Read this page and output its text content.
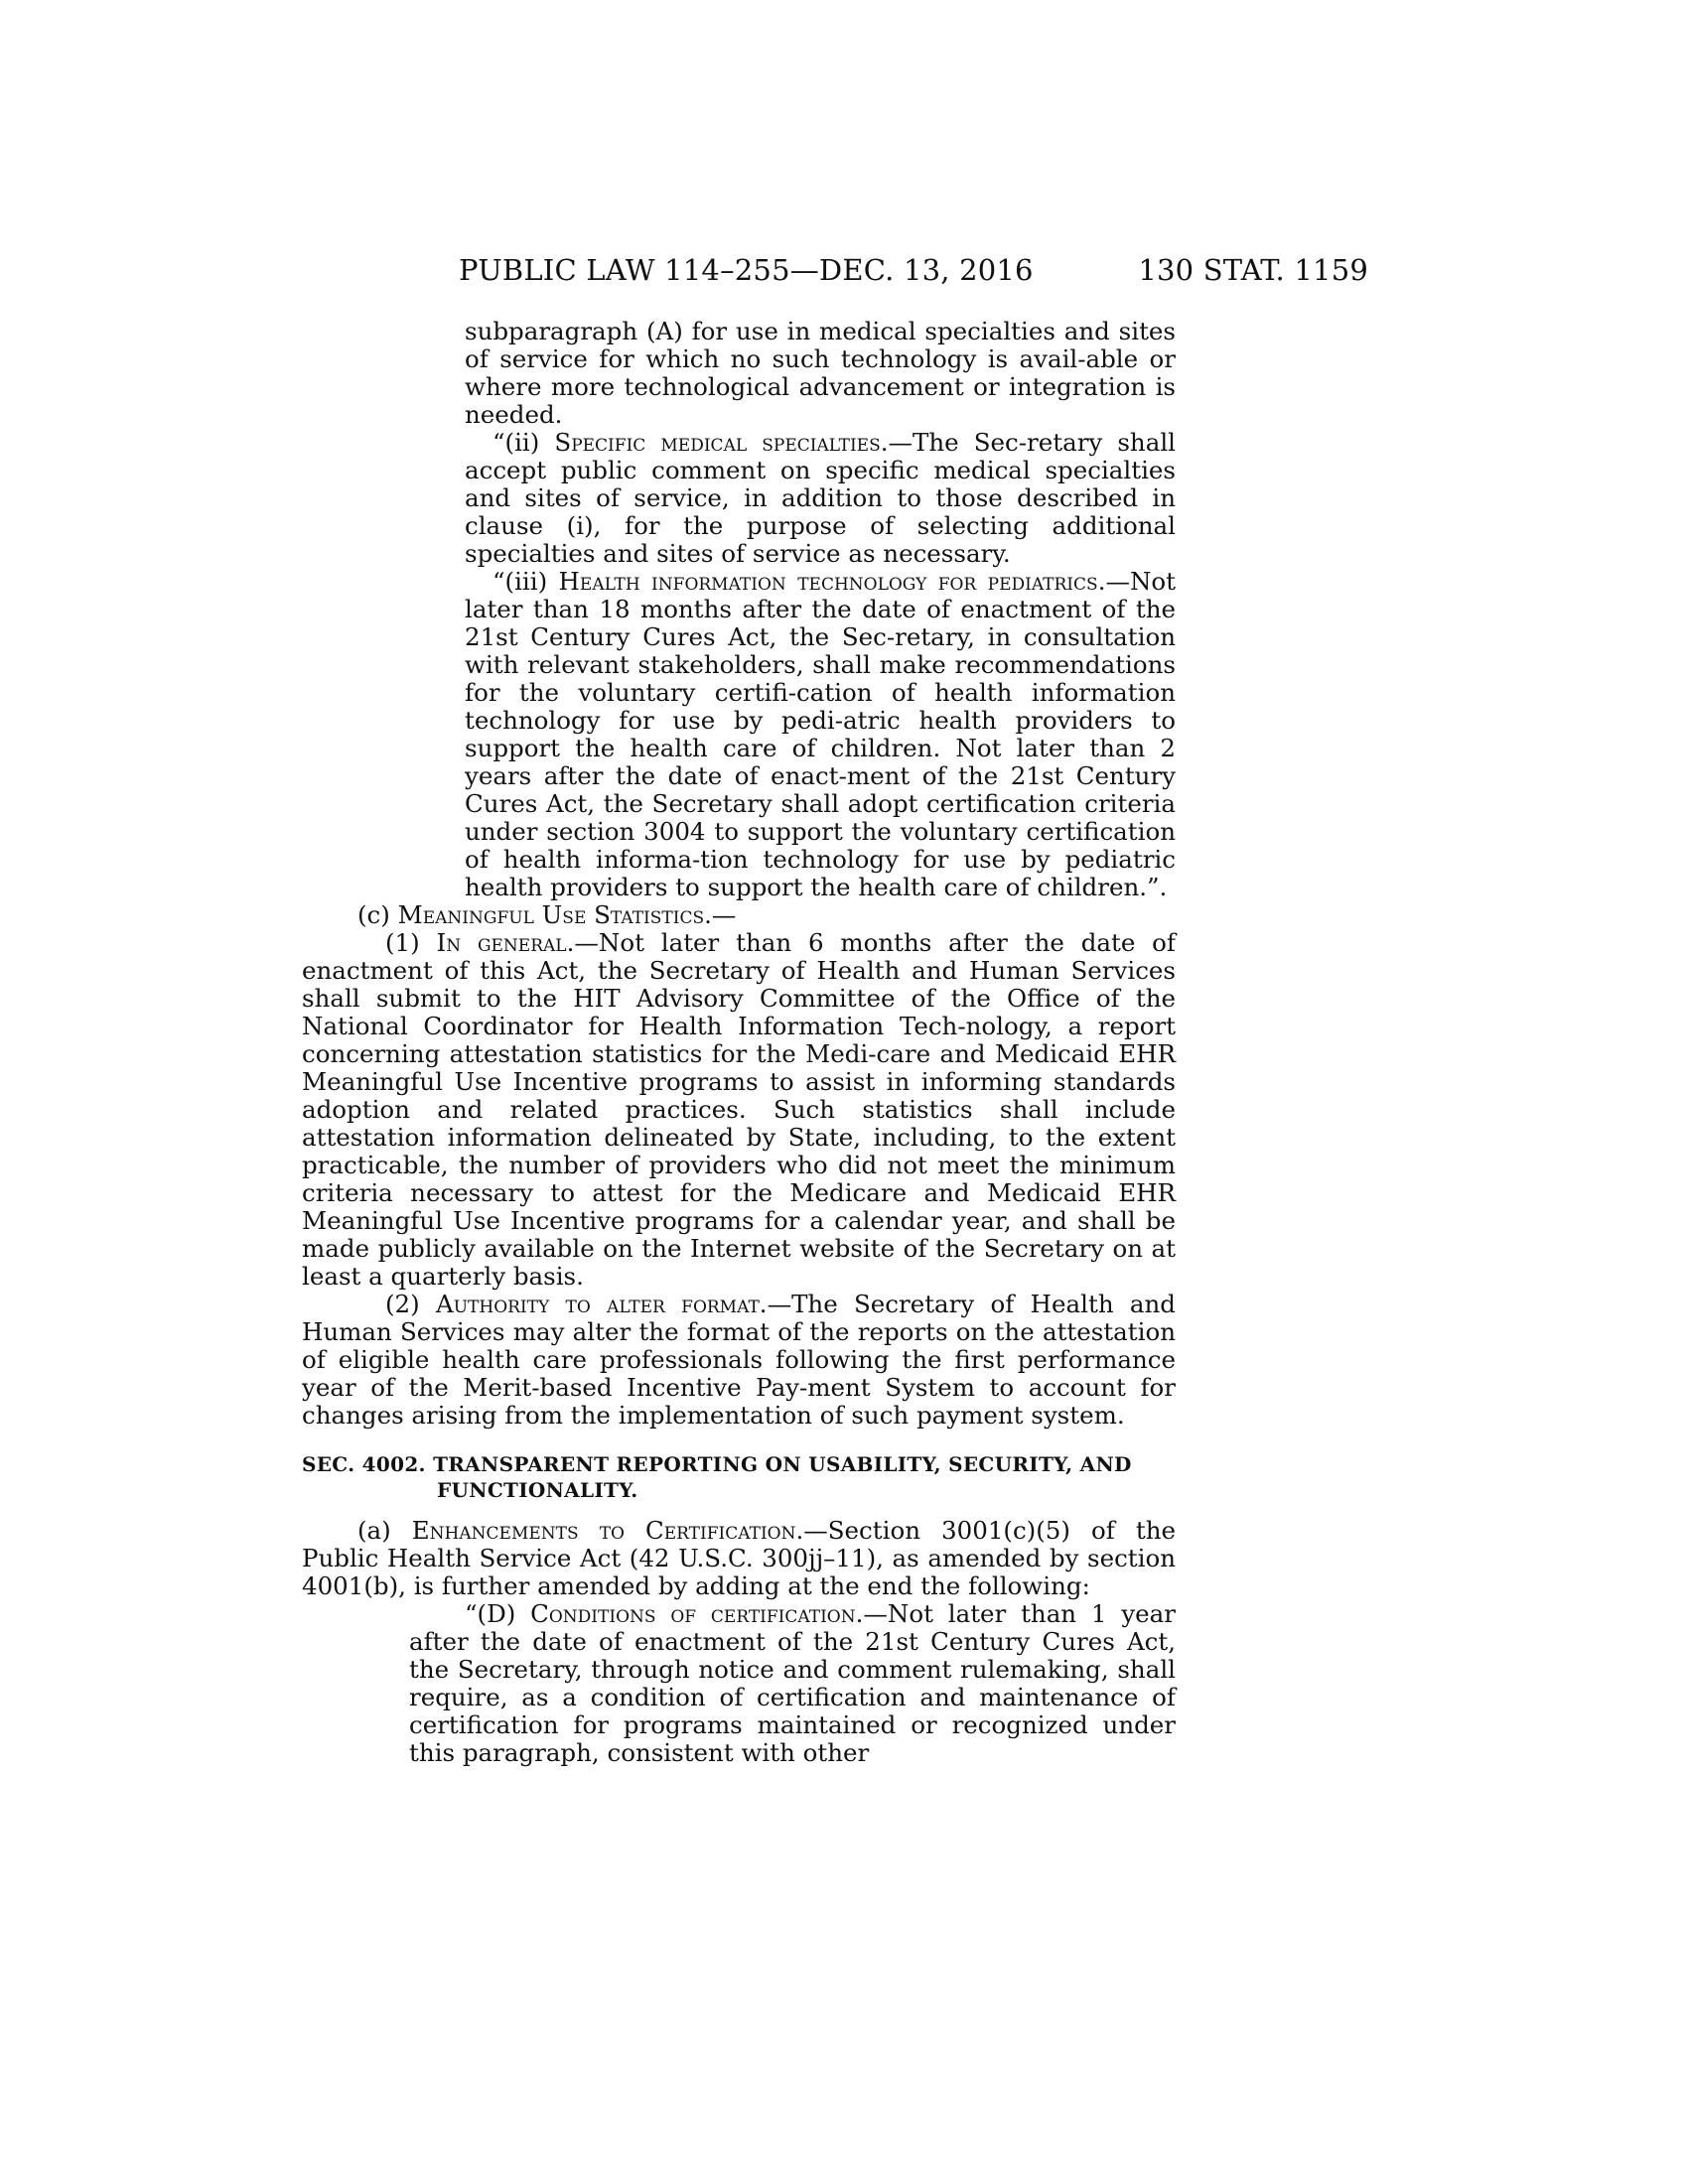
PUBLIC LAW 114–255—DEC. 13, 2016	130 STAT. 1159

subparagraph (A) for use in medical specialties and sites of service for which no such technology is avail-able or where more technological advancement or integration is needed.

“(ii) Specific medical specialties.—The Sec-retary shall accept public comment on specific medical specialties and sites of service, in addition to those described in clause (i), for the purpose of selecting additional specialties and sites of service as necessary.

“(iii) Health information technology for pediatrics.—Not later than 18 months after the date of enactment of the 21st Century Cures Act, the Sec-retary, in consultation with relevant stakeholders, shall make recommendations for the voluntary certifi-cation of health information technology for use by pedi-atric health providers to support the health care of children. Not later than 2 years after the date of enact-ment of the 21st Century Cures Act, the Secretary shall adopt certification criteria under section 3004 to support the voluntary certification of health informa-tion technology for use by pediatric health providers to support the health care of children.”.

(c) Meaningful Use Statistics.—

(1) In general.—Not later than 6 months after the date of enactment of this Act, the Secretary of Health and Human Services shall submit to the HIT Advisory Committee of the Office of the National Coordinator for Health Information Tech-nology, a report concerning attestation statistics for the Medi-care and Medicaid EHR Meaningful Use Incentive programs to assist in informing standards adoption and related practices. Such statistics shall include attestation information delineated by State, including, to the extent practicable, the number of providers who did not meet the minimum criteria necessary to attest for the Medicare and Medicaid EHR Meaningful Use Incentive programs for a calendar year, and shall be made publicly available on the Internet website of the Secretary on at least a quarterly basis.

(2) Authority to alter format.—The Secretary of Health and Human Services may alter the format of the reports on the attestation of eligible health care professionals following the first performance year of the Merit-based Incentive Pay-ment System to account for changes arising from the implementation of such payment system.

SEC. 4002. TRANSPARENT REPORTING ON USABILITY, SECURITY, AND
FUNCTIONALITY.

(a) Enhancements to Certification.—Section 3001(c)(5) of the Public Health Service Act (42 U.S.C. 300jj–11), as amended by section 4001(b), is further amended by adding at the end the following:

“(D) Conditions of certification.—Not later than 1 year after the date of enactment of the 21st Century Cures Act, the Secretary, through notice and comment rulemaking, shall require, as a condition of certification and maintenance of certification for programs maintained or recognized under this paragraph, consistent with other
